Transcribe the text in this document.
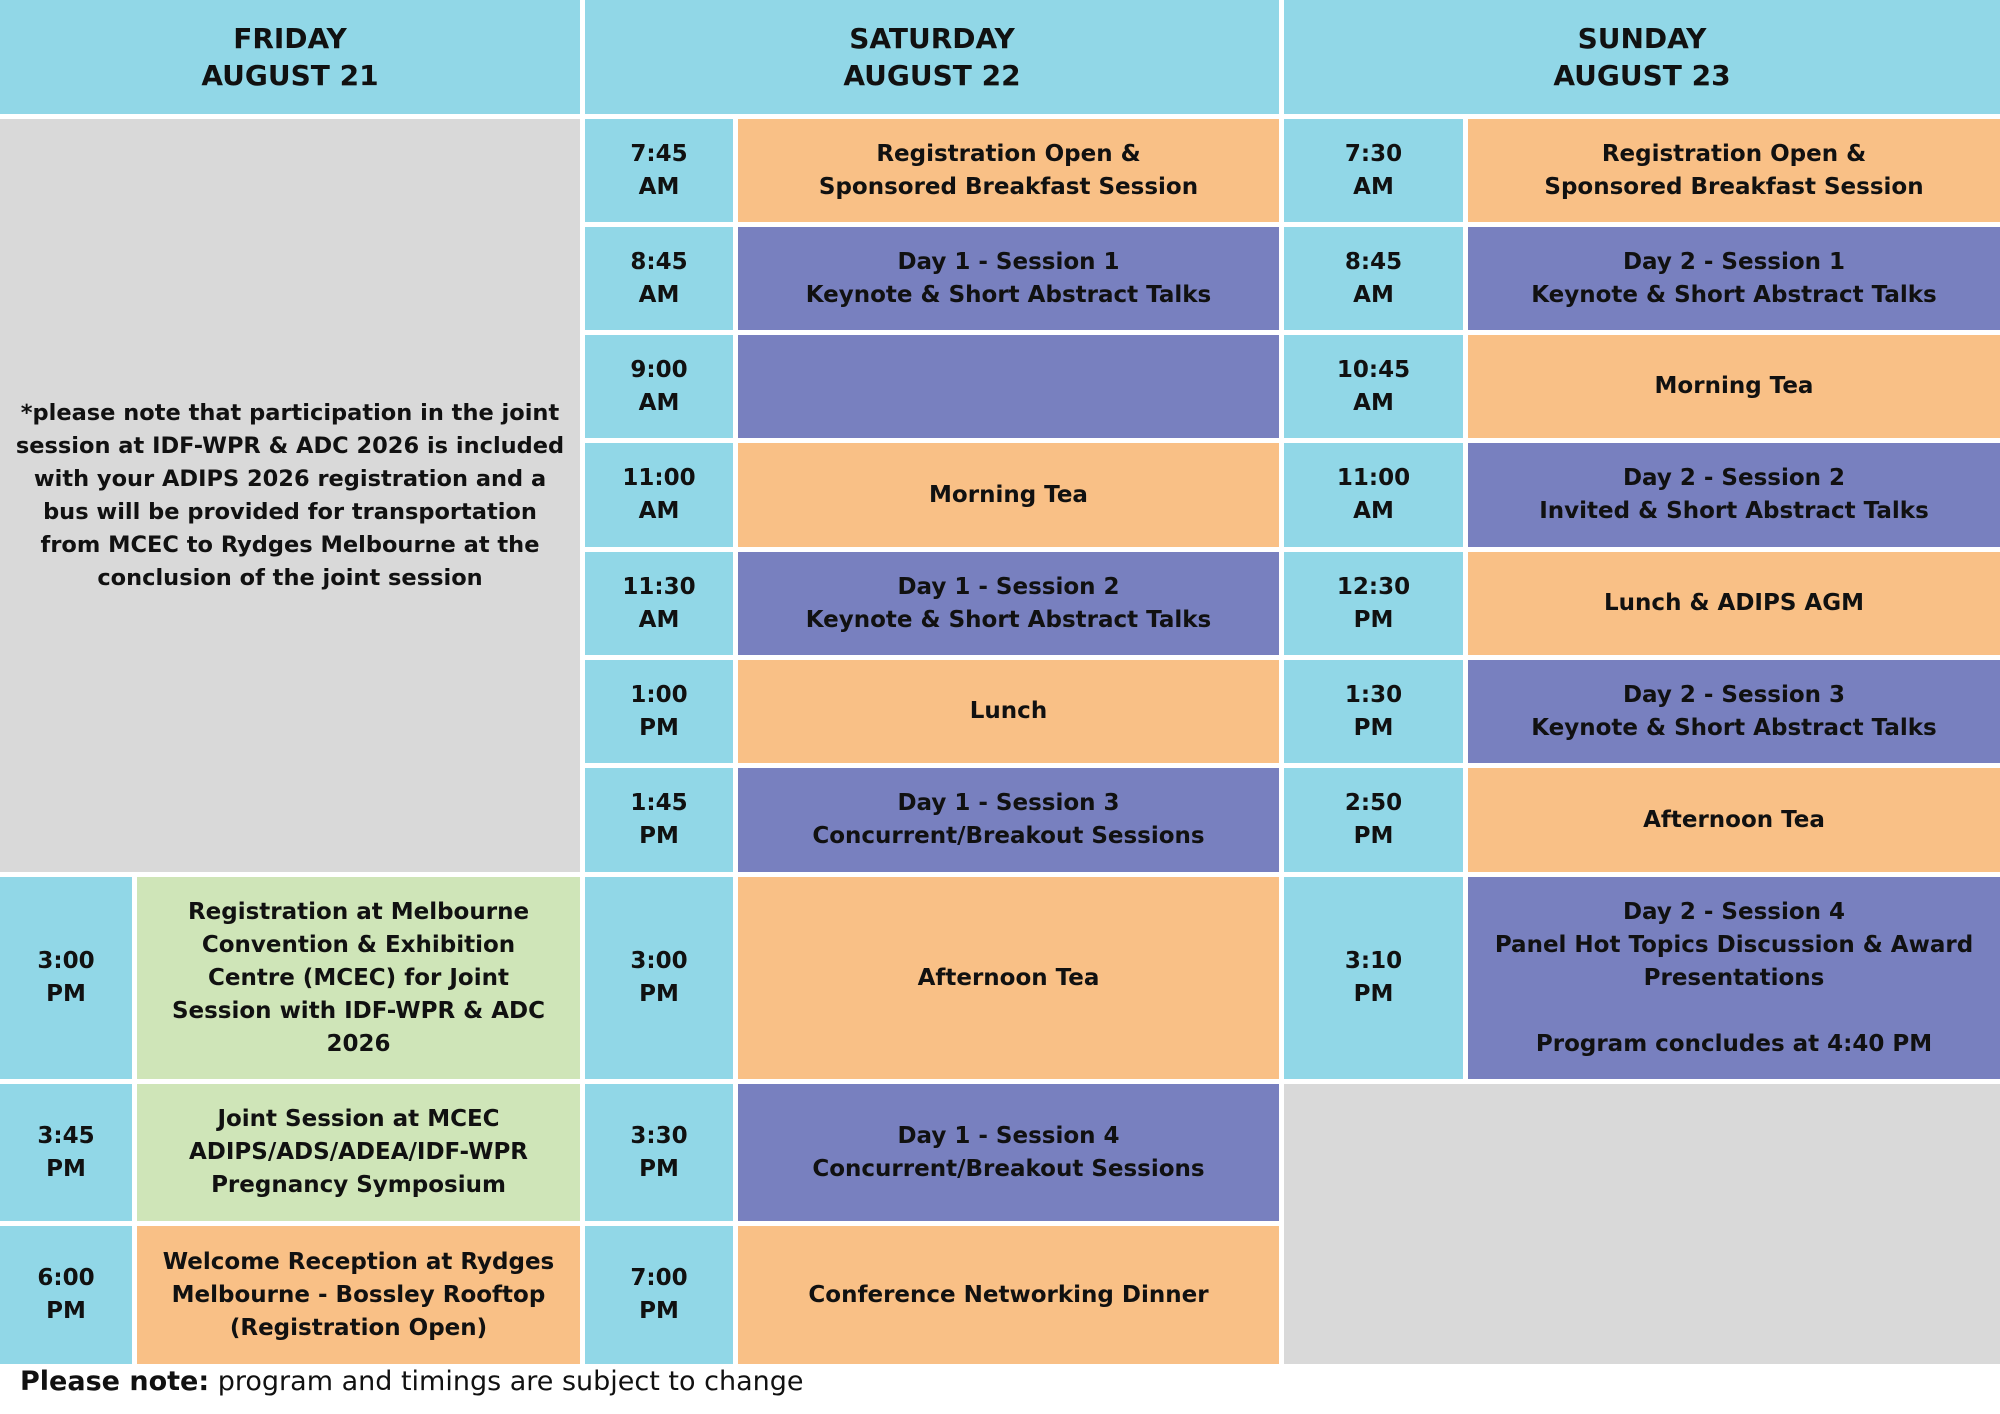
FRIDAY
AUGUST 21
SATURDAY
AUGUST 22
SUNDAY
AUGUST 23
*please note that participation in the joint session at IDF-WPR & ADC 2026 is included with your ADIPS 2026 registration and a bus will be provided for transportation from MCEC to Rydges Melbourne at the conclusion of the joint session
3:00
PM
Registration at Melbourne Convention & Exhibition Centre (MCEC) for Joint Session with IDF-WPR & ADC 2026
3:45
PM
Joint Session at MCEC
ADIPS/ADS/ADEA/IDF-WPR Pregnancy Symposium
6:00
PM
Welcome Reception at Rydges Melbourne - Bossley Rooftop (Registration Open)
7:45
AM
Registration Open &
Sponsored Breakfast Session
8:45
AM
Day 1 - Session 1
Keynote & Short Abstract Talks
9:00
AM
11:00
AM
Morning Tea
11:30
AM
Day 1 - Session 2
Keynote & Short Abstract Talks
1:00
PM
Lunch
1:45
PM
Day 1 - Session 3
Concurrent/Breakout Sessions
3:00
PM
Afternoon Tea
3:30
PM
Day 1 - Session 4
Concurrent/Breakout Sessions
7:00
PM
Conference Networking Dinner
7:30
AM
Registration Open &
Sponsored Breakfast Session
8:45
AM
Day 2 - Session 1
Keynote & Short Abstract Talks
10:45
AM
Morning Tea
11:00
AM
Day 2 - Session 2
Invited & Short Abstract Talks
12:30
PM
Lunch & ADIPS AGM
1:30
PM
Day 2 - Session 3
Keynote & Short Abstract Talks
2:50
PM
Afternoon Tea
3:10
PM
Day 2 - Session 4
Panel Hot Topics Discussion & Award Presentations

Program concludes at 4:40 PM
Please note: program and timings are subject to change
